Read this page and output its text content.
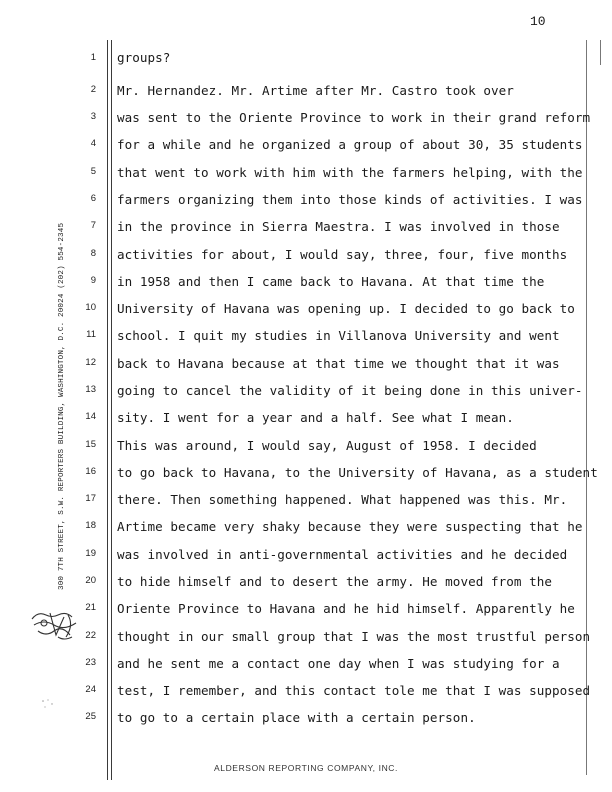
10
300 7TH STREET, S.W. REPORTERS BUILDING, WASHINGTON, D.C. 20024 (202) 554-2345
1
2
3
4
5
6
7
8
9
10
11
12
13
14
15
16
17
18
19
20
21
22
23
24
25
groups?
Mr. Hernandez. Mr. Artime after Mr. Castro took over
was sent to the Oriente Province to work in their grand reform
for a while and he organized a group of about 30, 35 students
that went to work with him with the farmers helping, with the
farmers organizing them into those kinds of activities. I was
in the province in Sierra Maestra. I was involved in those
activities for about, I would say, three, four, five months
in 1958 and then I came back to Havana. At that time the
University of Havana was opening up. I decided to go back to
school. I quit my studies in Villanova University and went
back to Havana because at that time we thought that it was
going to cancel the validity of it being done in this univer-
sity. I went for a year and a half. See what I mean.
This was around, I would say, August of 1958. I decided
to go back to Havana, to the University of Havana, as a student
there. Then something happened. What happened was this. Mr.
Artime became very shaky because they were suspecting that he
was involved in anti-governmental activities and he decided
to hide himself and to desert the army. He moved from the
Oriente Province to Havana and he hid himself. Apparently he
thought in our small group that I was the most trustful person
and he sent me a contact one day when I was studying for a
test, I remember, and this contact tole me that I was supposed
to go to a certain place with a certain person.
ALDERSON REPORTING COMPANY, INC.
